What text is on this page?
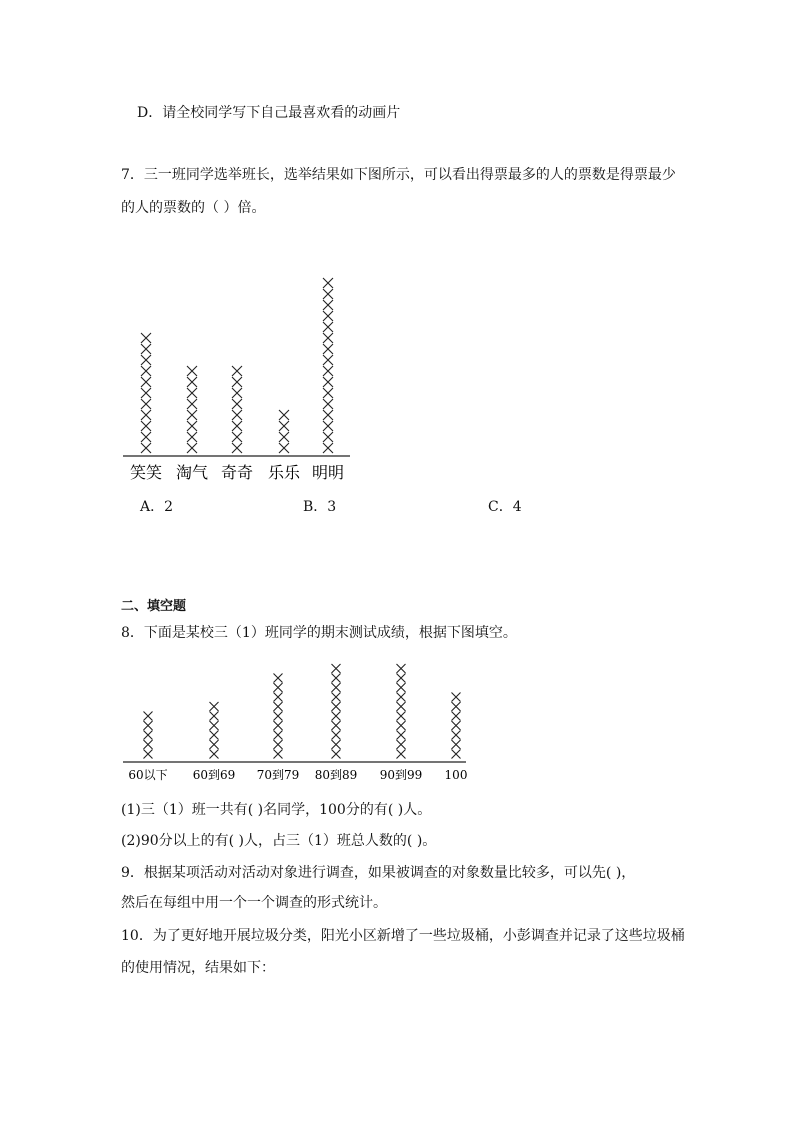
D．请全校同学写下自己最喜欢看的动画片
7．三一班同学选举班长，选举结果如下图所示，可以看出得票最多的人的票数是得票最少
的人的票数的（ ）倍。
笑笑 淘气 奇奇 乐乐 明明
A．2	B．3	C．4
二、填空题
8．下面是某校三（1）班同学的期末测试成绩，根据下图填空。
60以下 60到69 70到79 80到89 90到99 100
(1)三（1）班一共有( )名同学，100分的有( )人。
(2)90分以上的有( )人，占三（1）班总人数的( )。
9．根据某项活动对活动对象进行调查，如果被调查的对象数量比较多，可以先( )，
然后在每组中用一个一个调查的形式统计。
10．为了更好地开展垃圾分类，阳光小区新增了一些垃圾桶，小彭调查并记录了这些垃圾桶
的使用情况，结果如下：
